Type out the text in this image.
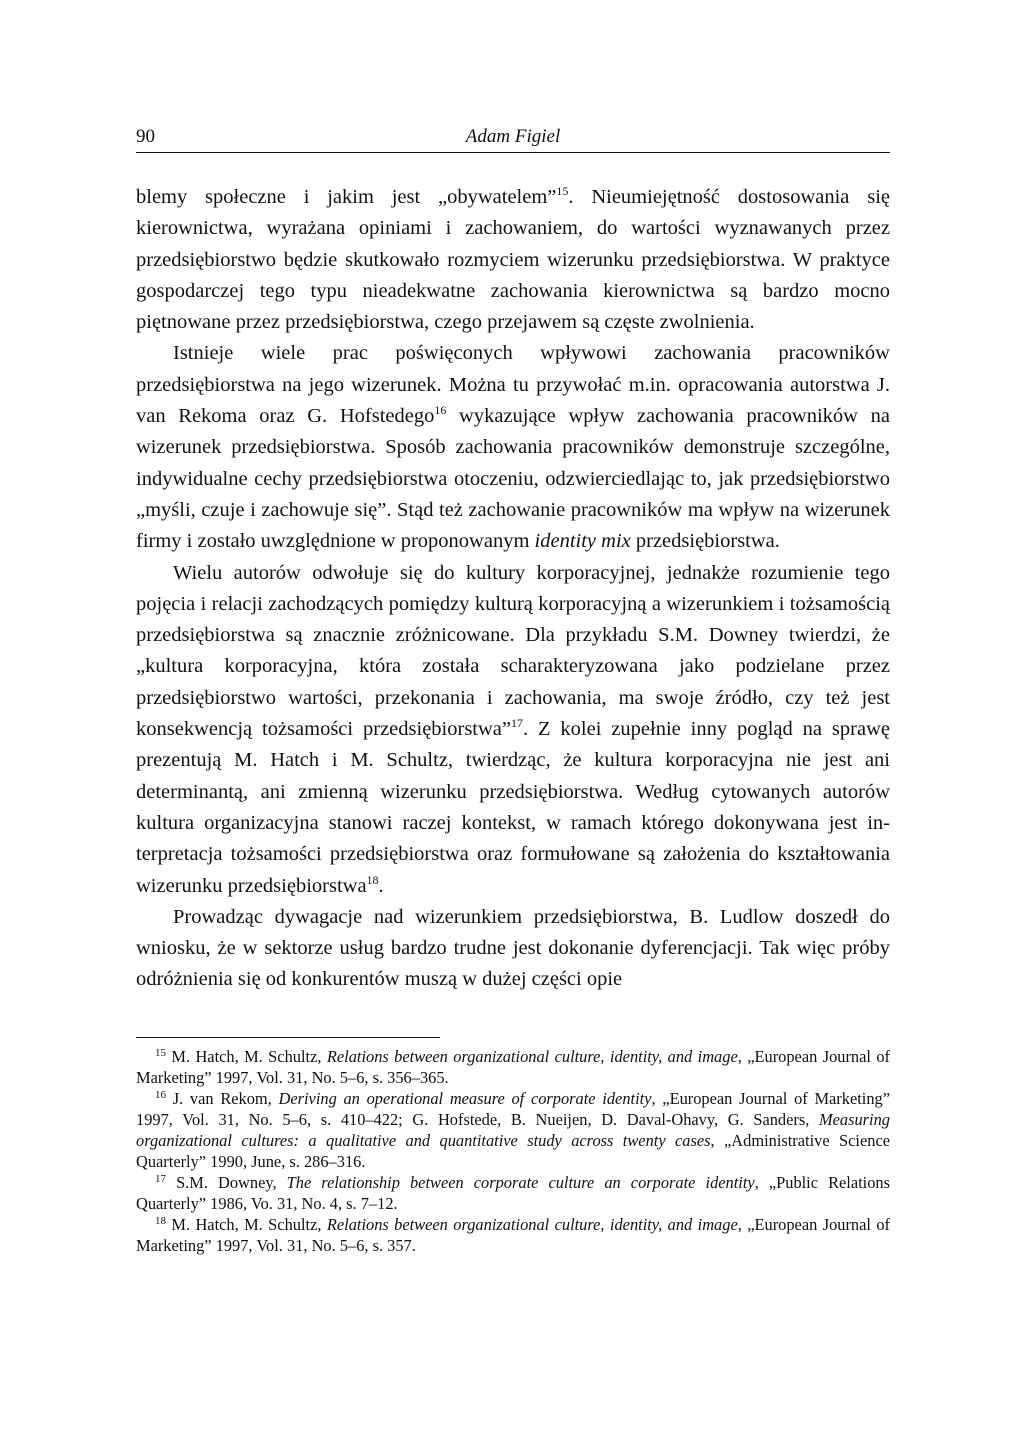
90	Adam Figiel

blemy społeczne i jakim jest „obywatelem”$^{15}$. Nieumiejętność dostosowania się kierownictwa, wyrażana opiniami i zachowaniem, do wartości wyznawanych przez przedsiębiorstwo będzie skutkowało rozmyciem wizerunku przedsiębiorstwa. W praktyce gospodarczej tego typu nieadekwatne zachowania kierownictwa są bardzo mocno piętnowane przez przedsiębiorstwa, czego przejawem są częste zwolnienia.

Istnieje wiele prac poświęconych wpływowi zachowania pracowników przedsiębiorstwa na jego wizerunek. Można tu przywołać m.in. opracowania autorstwa J. van Rekoma oraz G. Hofstedego$^{16}$ wykazujące wpływ zachowania pracowników na wizerunek przedsiębiorstwa. Sposób zachowania pracowników demonstruje szczególne, indywidualne cechy przedsiębiorstwa otoczeniu, odzwierciedlając to, jak przedsiębiorstwo „myśli, czuje i zachowuje się”. Stąd też zachowanie pracowników ma wpływ na wizerunek firmy i zostało uwzględnione w proponowanym identity mix przedsiębiorstwa.

Wielu autorów odwołuje się do kultury korporacyjnej, jednakże rozumienie tego pojęcia i relacji zachodzących pomiędzy kulturą korporacyjną a wizerunkiem i tożsamością przedsiębiorstwa są znacznie zróżnicowane. Dla przykładu S.M. Downey twierdzi, że „kultura korporacyjna, która została scharakteryzowana jako podzielane przez przedsiębiorstwo wartości, przekonania i zachowania, ma swoje źródło, czy też jest konsekwencją tożsamości przedsiębiorstwa”$^{17}$. Z kolei zupełnie inny pogląd na sprawę prezentują M. Hatch i M. Schultz, twierdząc, że kultura korporacyjna nie jest ani determinantą, ani zmienną wizerunku przedsiębiorstwa. Według cytowanych autorów kultura organizacyjna stanowi raczej kontekst, w ramach którego dokonywana jest interpretacja tożsamości przedsiębiorstwa oraz formułowane są założenia do kształtowania wizerunku przedsiębiorstwa$^{18}$.

Prowadząc dywagacje nad wizerunkiem przedsiębiorstwa, B. Ludlow doszedł do wniosku, że w sektorze usług bardzo trudne jest dokonanie dyferencjacji. Tak więc próby odróżnienia się od konkurentów muszą w dużej części opie

$^{15}$ M. Hatch, M. Schultz, Relations between organizational culture, identity, and image, „European Journal of Marketing” 1997, Vol. 31, No. 5–6, s. 356–365.

$^{16}$ J. van Rekom, Deriving an operational measure of corporate identity, „European Journal of Marketing” 1997, Vol. 31, No. 5–6, s. 410–422; G. Hofstede, B. Nueijen, D. Daval-Ohavy, G. Sanders, Measuring organizational cultures: a qualitative and quantitative study across twenty cases, „Administrative Science Quarterly” 1990, June, s. 286–316.

$^{17}$ S.M. Downey, The relationship between corporate culture an corporate identity, „Public Relations Quarterly” 1986, Vo. 31, No. 4, s. 7–12.

$^{18}$ M. Hatch, M. Schultz, Relations between organizational culture, identity, and image, „European Journal of Marketing” 1997, Vol. 31, No. 5–6, s. 357.
